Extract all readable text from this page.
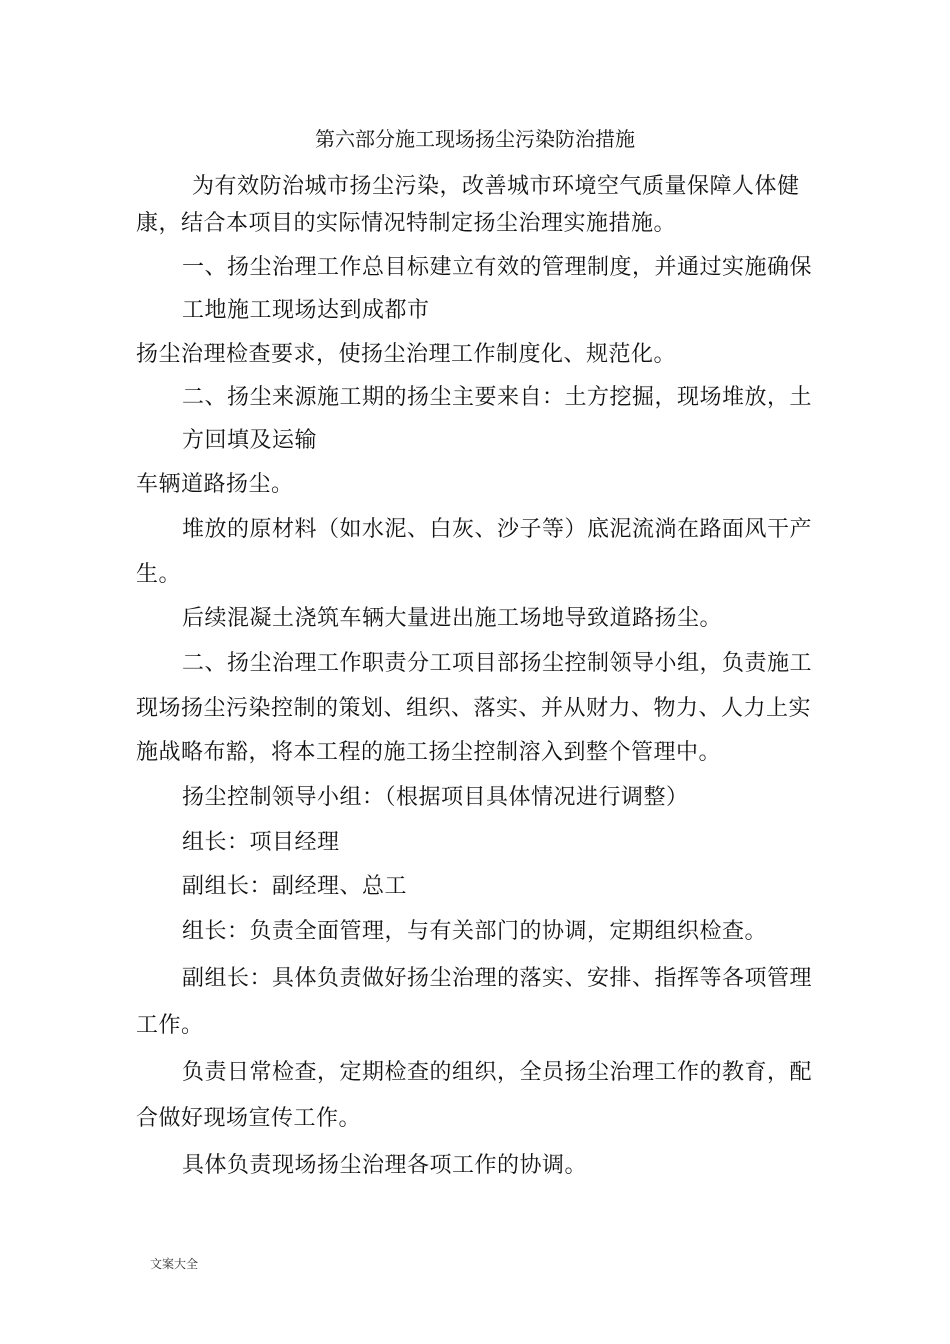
第六部分施工现场扬尘污染防治措施
为有效防治城市扬尘污染，改善城市环境空气质量保障人体健
康，结合本项目的实际情况特制定扬尘治理实施措施。
一、扬尘治理工作总目标建立有效的管理制度，并通过实施确保
工地施工现场达到成都市
扬尘治理检查要求，使扬尘治理工作制度化、规范化。
二、扬尘来源施工期的扬尘主要来自：土方挖掘，现场堆放，土
方回填及运输
车辆道路扬尘。
堆放的原材料（如水泥、白灰、沙子等）底泥流淌在路面风干产
生。
后续混凝土浇筑车辆大量进出施工场地导致道路扬尘。
二、扬尘治理工作职责分工项目部扬尘控制领导小组，负责施工
现场扬尘污染控制的策划、组织、落实、并从财力、物力、人力上实
施战略布豁，将本工程的施工扬尘控制溶入到整个管理中。
扬尘控制领导小组：（根据项目具体情况进行调整）
组长：项目经理
副组长：副经理、总工
组长：负责全面管理，与有关部门的协调，定期组织检查。
副组长：具体负责做好扬尘治理的落实、安排、指挥等各项管理
工作。
负责日常检查，定期检查的组织，全员扬尘治理工作的教育，配
合做好现场宣传工作。
具体负责现场扬尘治理各项工作的协调。
文案大全
